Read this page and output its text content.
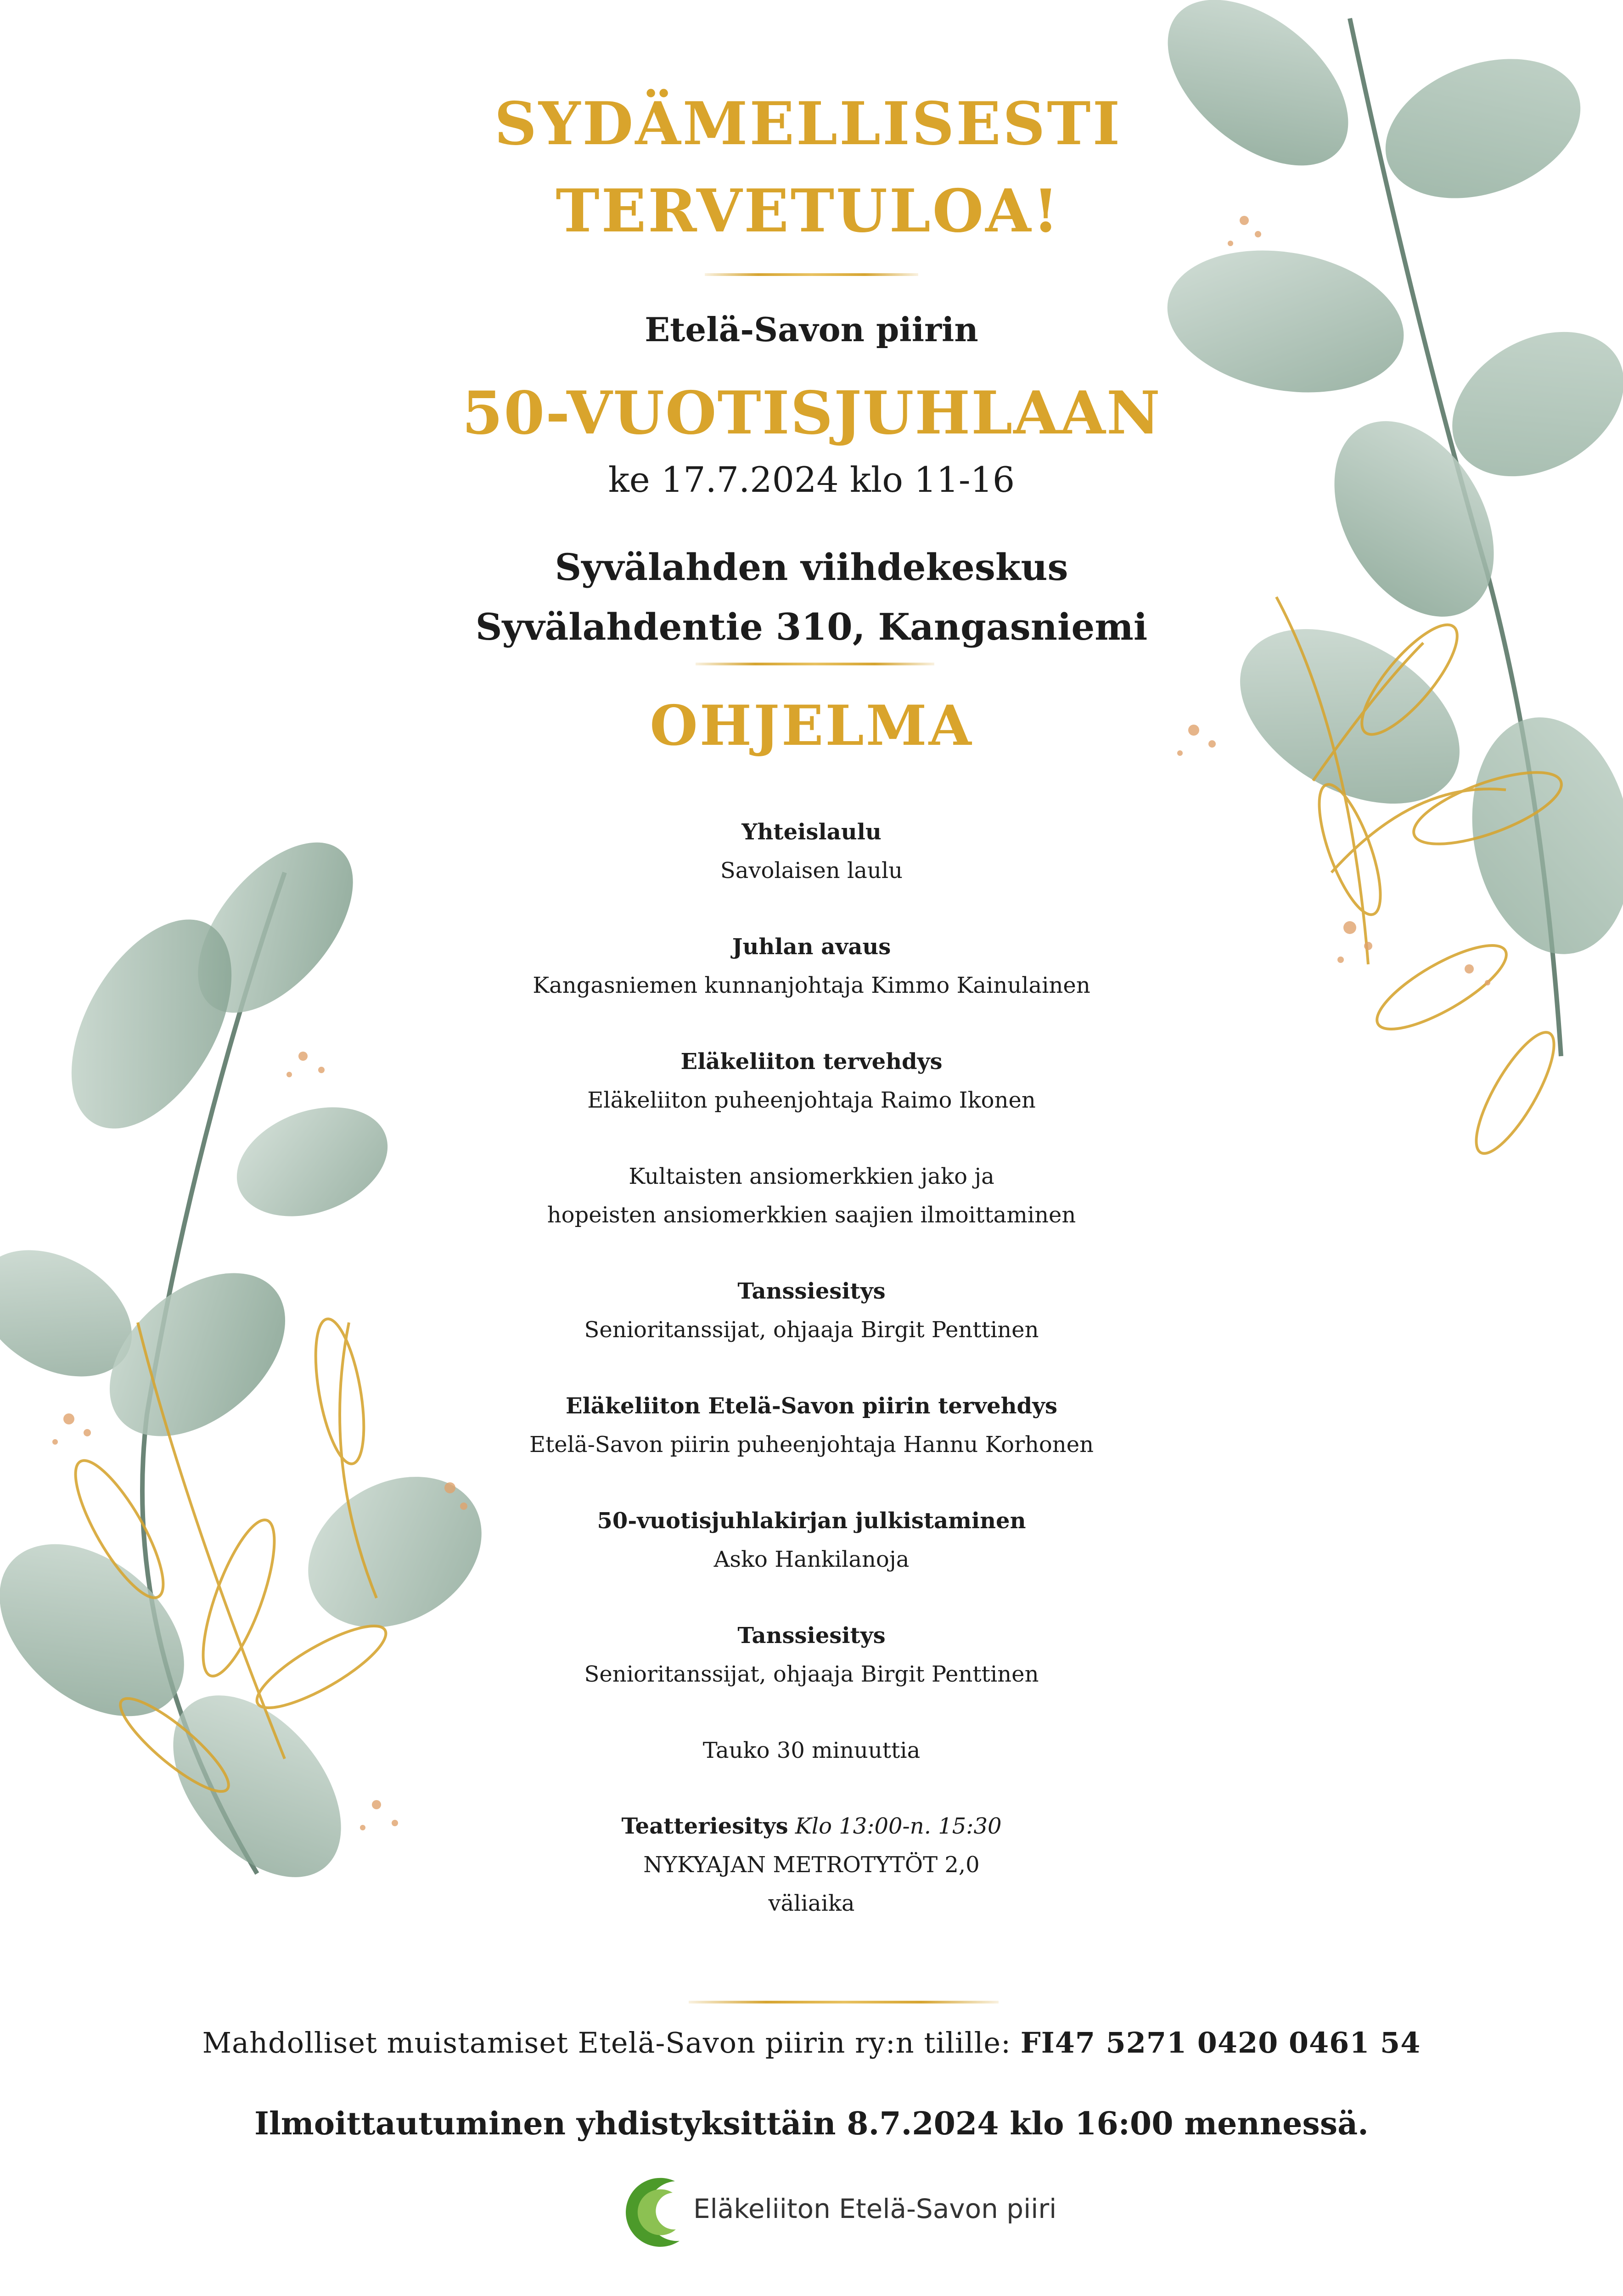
SYDÄMELLISESTI
TERVETULOA!
Etelä-Savon piirin
50-VUOTISJUHLAAN
ke 17.7.2024 klo 11-16
Syvälahden viihdekeskus
Syvälahdentie 310, Kangasniemi
OHJELMA
Yhteislaulu
Savolaisen laulu
Juhlan avaus
Kangasniemen kunnanjohtaja Kimmo Kainulainen
Eläkeliiton tervehdys
Eläkeliiton puheenjohtaja Raimo Ikonen
Kultaisten ansiomerkkien jako ja
hopeisten ansiomerkkien saajien ilmoittaminen
Tanssiesitys
Senioritanssijat, ohjaaja Birgit Penttinen
Eläkeliiton Etelä-Savon piirin tervehdys
Etelä-Savon piirin puheenjohtaja Hannu Korhonen
50-vuotisjuhlakirjan julkistaminen
Asko Hankilanoja
Tanssiesitys
Senioritanssijat, ohjaaja Birgit Penttinen
Tauko 30 minuuttia
Teatteriesitys Klo 13:00-n. 15:30
NYKYAJAN METROTYTÖT 2,0
väliaika
Mahdolliset muistamiset Etelä-Savon piirin ry:n tilille: FI47 5271 0420 0461 54
Ilmoittautuminen yhdistyksittäin 8.7.2024 klo 16:00 mennessä.
Eläkeliiton Etelä-Savon piiri
